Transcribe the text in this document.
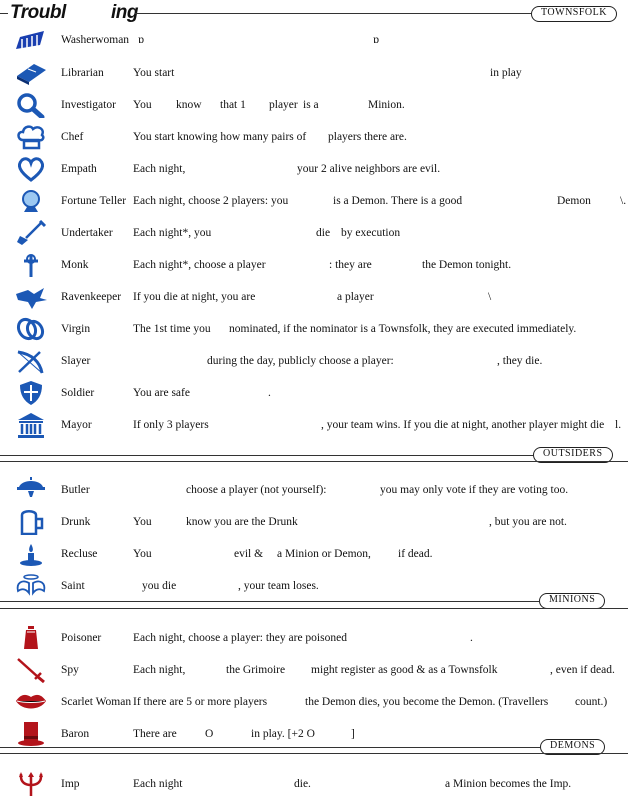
Troubl ing	TOWNSFOLK
OUTSIDERS
MINIONS
DEMONS
Washerwoman ɒ	ɒ
Librarian	You start	in play
Investigator You know that 1 player is a	Minion.
Chef	You start knowing how many pairs of players there are.
Empath	Each night,	your 2 alive neighbors are evil.
Fortune Teller Each night, choose 2 players: you	is a Demon. There is a good	Demon	\.
Undertaker Each night*, you	die by execution
Monk	Each night*, choose a player	: they are	the Demon tonight.
Ravenkeeper If you die at night, you are	a player	\
Virgin	The 1st time you nominated, if the nominator is a Townsfolk, they are executed immediately.
Slayer	during the day, publicly choose a player:	, they die.
Soldier	You are safe	.
Mayor	If only 3 players	, your team wins. If you die at night, another player might die l.
Butler	choose a player (not yourself):	you may only vote if they are voting too.
Drunk	You	know you are the Drunk	, but you are not.
Recluse	You	evil & a Minion or Demon, if dead.
Saint	you die	, your team loses.
Poisoner	Each night, choose a player: they are poisoned	.
Spy	Each night,	the Grimoire might register as good & as a Townsfolk	, even if dead.
Scarlet Woman If there are 5 or more players	the Demon dies, you become the Demon. (Travellers count.)
Baron	There are O	in play. [+2 O	]
Imp	Each night	die.	a Minion becomes the Imp.
